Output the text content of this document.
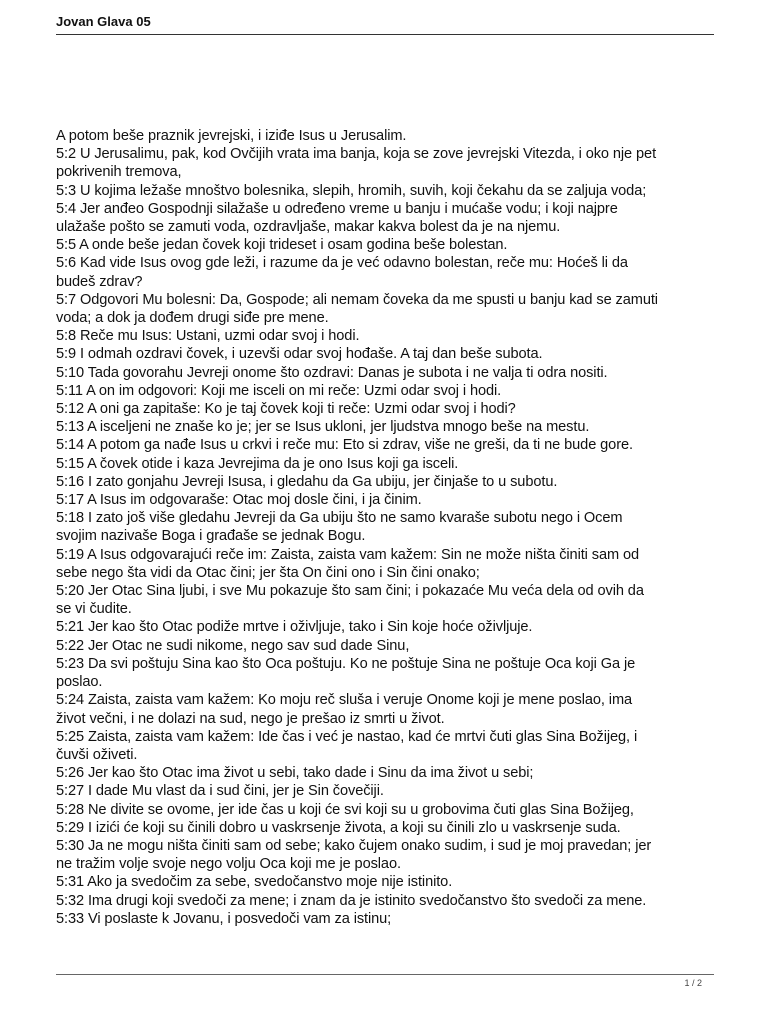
Jovan Glava 05
A potom beše praznik jevrejski, i iziđe Isus u Jerusalim.
5:2 U Jerusalimu, pak, kod Ovčijih vrata ima banja, koja se zove jevrejski Vitezda, i oko nje pet
pokrivenih tremova,
5:3 U kojima ležaše mnoštvo bolesnika, slepih, hromih, suvih, koji čekahu da se zaljuja voda;
5:4 Jer anđeo Gospodnji silažaše u određeno vreme u banju i mućaše vodu; i koji najpre
ulažaše pošto se zamuti voda, ozdravljaše, makar kakva bolest da je na njemu.
5:5 A onde beše jedan čovek koji trideset i osam godina beše bolestan.
5:6 Kad vide Isus ovog gde leži, i razume da je već odavno bolestan, reče mu: Hoćeš li da
budeš zdrav?
5:7 Odgovori Mu bolesni: Da, Gospode; ali nemam čoveka da me spusti u banju kad se zamuti
voda; a dok ja dođem drugi siđe pre mene.
5:8 Reče mu Isus: Ustani, uzmi odar svoj i hodi.
5:9 I odmah ozdravi čovek, i uzevši odar svoj hođaše. A taj dan beše subota.
5:10 Tada govorahu Jevreji onome što ozdravi: Danas je subota i ne valja ti odra nositi.
5:11 A on im odgovori: Koji me isceli on mi reče: Uzmi odar svoj i hodi.
5:12 A oni ga zapitaše: Ko je taj čovek koji ti reče: Uzmi odar svoj i hodi?
5:13 A isceljeni ne znaše ko je; jer se Isus ukloni, jer ljudstva mnogo beše na mestu.
5:14 A potom ga nađe Isus u crkvi i reče mu: Eto si zdrav, više ne greši, da ti ne bude gore.
5:15 A čovek otide i kaza Jevrejima da je ono Isus koji ga isceli.
5:16 I zato gonjahu Jevreji Isusa, i gledahu da Ga ubiju, jer činjaše to u subotu.
5:17 A Isus im odgovaraše: Otac moj dosle čini, i ja činim.
5:18 I zato još više gledahu Jevreji da Ga ubiju što ne samo kvaraše subotu nego i Ocem
svojim nazivaše Boga i građaše se jednak Bogu.
5:19 A Isus odgovarajući reče im: Zaista, zaista vam kažem: Sin ne može ništa činiti sam od
sebe nego šta vidi da Otac čini; jer šta On čini ono i Sin čini onako;
5:20 Jer Otac Sina ljubi, i sve Mu pokazuje što sam čini; i pokazaće Mu veća dela od ovih da
se vi čudite.
5:21 Jer kao što Otac podiže mrtve i oživljuje, tako i Sin koje hoće oživljuje.
5:22 Jer Otac ne sudi nikome, nego sav sud dade Sinu,
5:23 Da svi poštuju Sina kao što Oca poštuju. Ko ne poštuje Sina ne poštuje Oca koji Ga je
poslao.
5:24 Zaista, zaista vam kažem: Ko moju reč sluša i veruje Onome koji je mene poslao, ima
život večni, i ne dolazi na sud, nego je prešao iz smrti u život.
5:25 Zaista, zaista vam kažem: Ide čas i već je nastao, kad će mrtvi čuti glas Sina Božijeg, i
čuvši oživeti.
5:26 Jer kao što Otac ima život u sebi, tako dade i Sinu da ima život u sebi;
5:27 I dade Mu vlast da i sud čini, jer je Sin čovečiji.
5:28 Ne divite se ovome, jer ide čas u koji će svi koji su u grobovima čuti glas Sina Božijeg,
5:29 I izići će koji su činili dobro u vaskrsenje života, a koji su činili zlo u vaskrsenje suda.
5:30 Ja ne mogu ništa činiti sam od sebe; kako čujem onako sudim, i sud je moj pravedan; jer
ne tražim volje svoje nego volju Oca koji me je poslao.
5:31 Ako ja svedočim za sebe, svedočanstvo moje nije istinito.
5:32 Ima drugi koji svedoči za mene; i znam da je istinito svedočanstvo što svedoči za mene.
5:33 Vi poslaste k Jovanu, i posvedoči vam za istinu;
1 / 2
